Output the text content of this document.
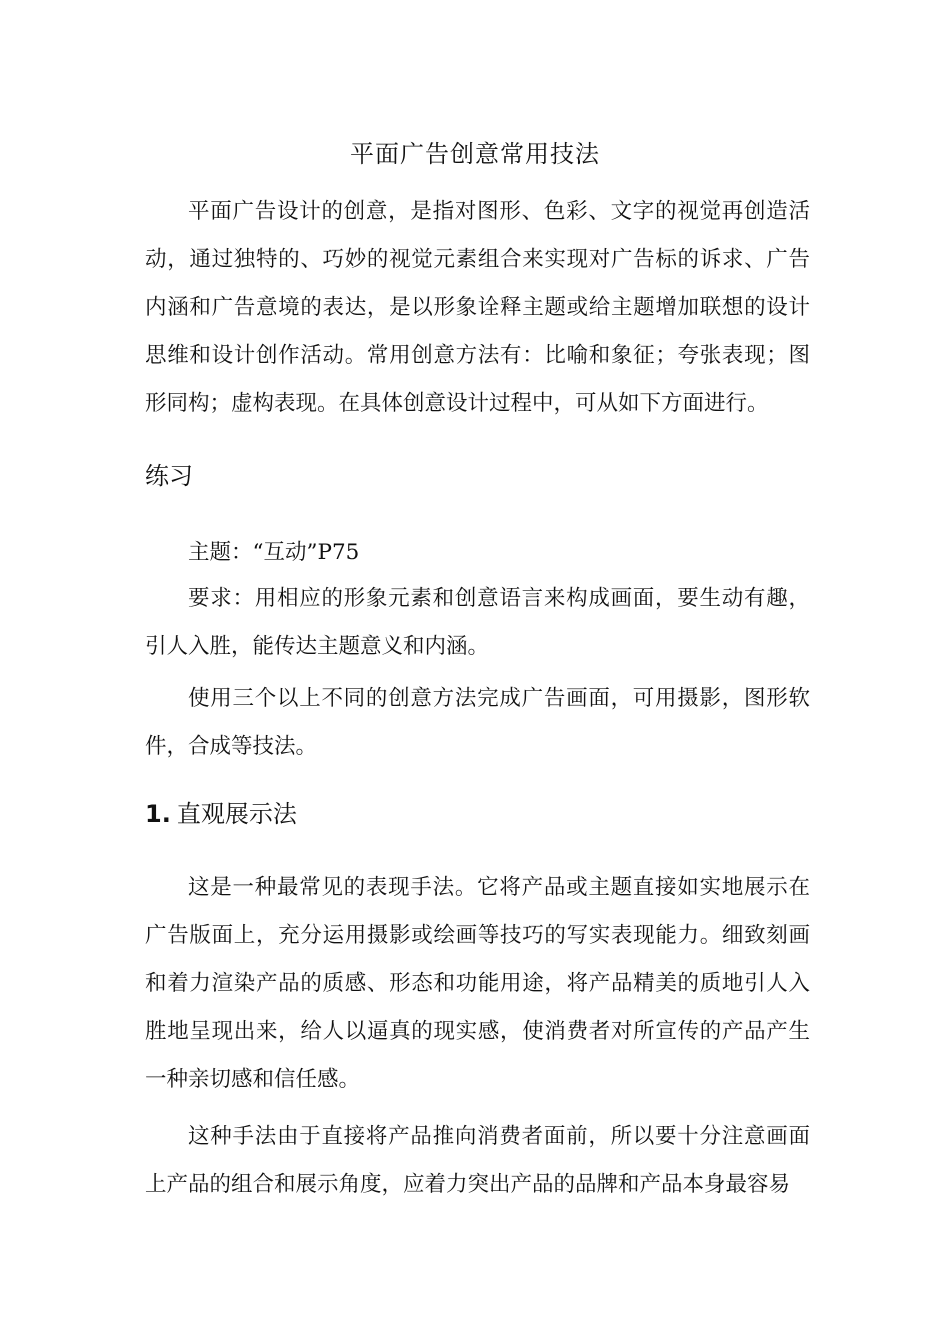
平面广告创意常用技法
平面广告设计的创意，是指对图形、色彩、文字的视觉再创造活动，通过独特的、巧妙的视觉元素组合来实现对广告标的诉求、广告内涵和广告意境的表达，是以形象诠释主题或给主题增加联想的设计思维和设计创作活动。常用创意方法有：比喻和象征；夸张表现；图形同构；虚构表现。在具体创意设计过程中，可从如下方面进行。
练习
主题：“互动”P75
要求：用相应的形象元素和创意语言来构成画面，要生动有趣，引人入胜，能传达主题意义和内涵。
使用三个以上不同的创意方法完成广告画面，可用摄影，图形软件，合成等技法。
1. 直观展示法
这是一种最常见的表现手法。它将产品或主题直接如实地展示在广告版面上，充分运用摄影或绘画等技巧的写实表现能力。细致刻画和着力渲染产品的质感、形态和功能用途，将产品精美的质地引人入胜地呈现出来，给人以逼真的现实感，使消费者对所宣传的产品产生一种亲切感和信任感。
这种手法由于直接将产品推向消费者面前，所以要十分注意画面上产品的组合和展示角度，应着力突出产品的品牌和产品本身最容易
